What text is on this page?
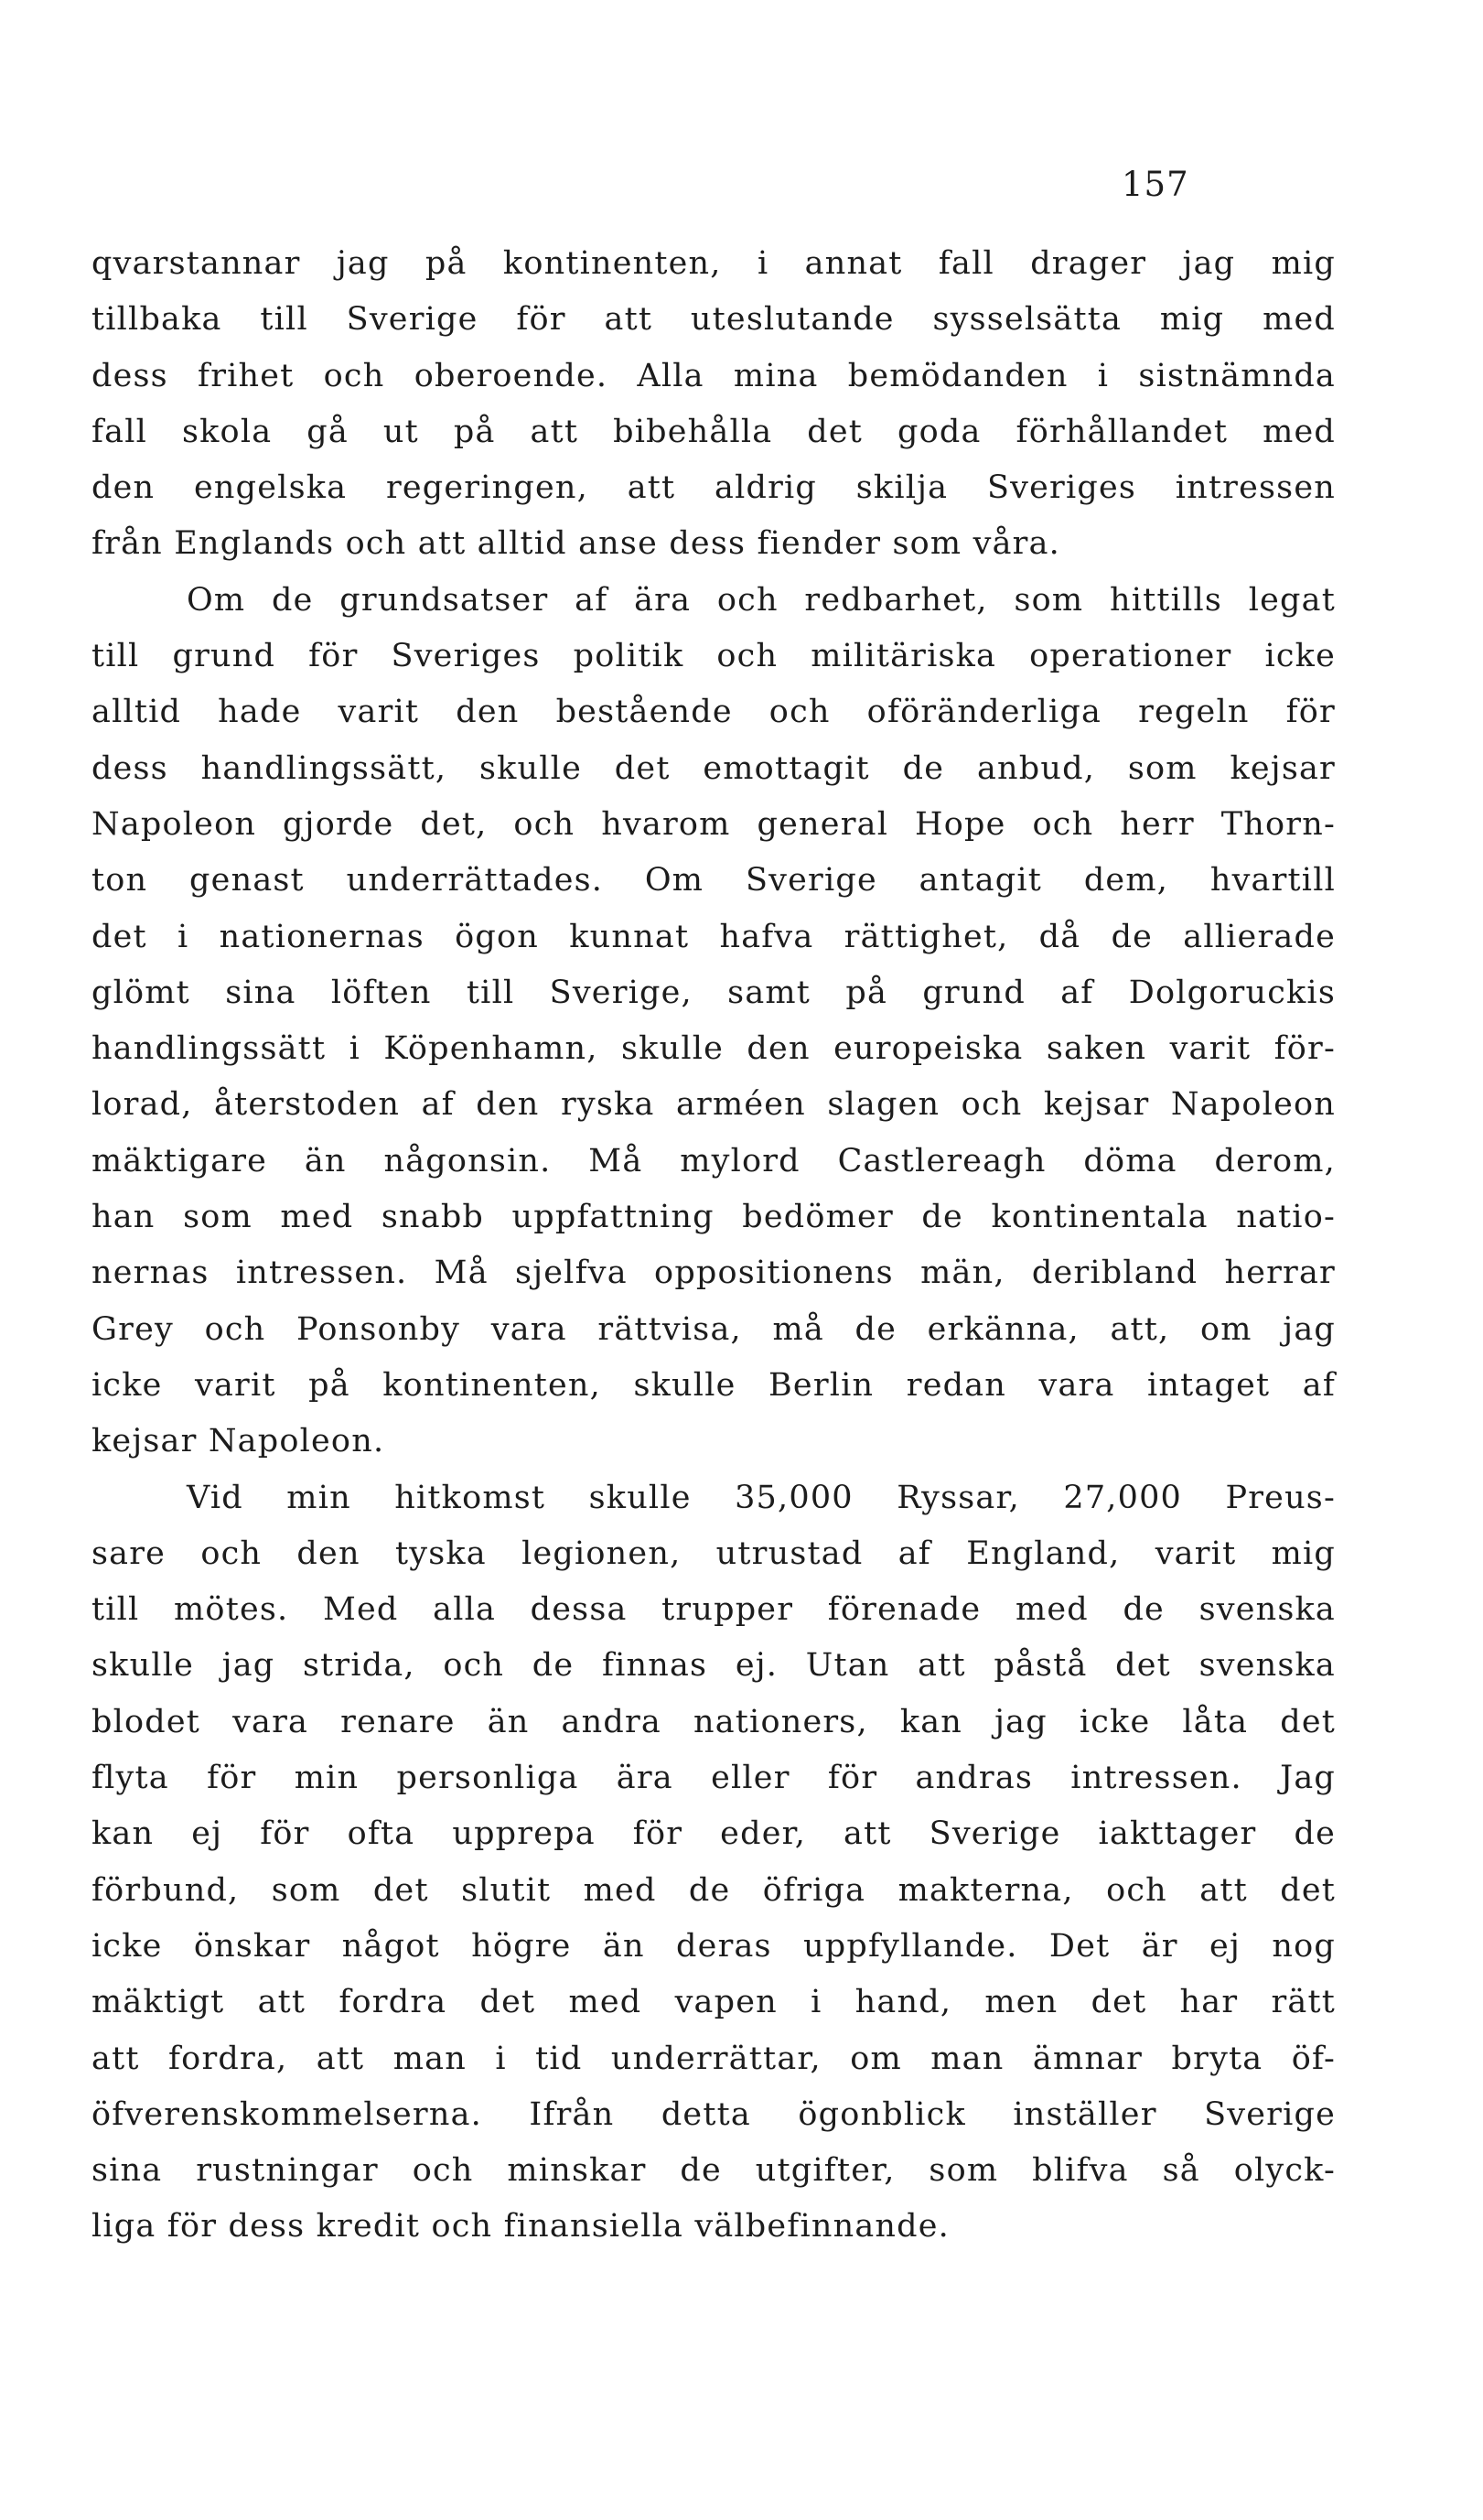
157
qvarstannar jag på kontinenten, i annat fall drager jag mig
tillbaka till Sverige för att uteslutande sysselsätta mig med
dess frihet och oberoende. Alla mina bemödanden i sistnämnda
fall skola gå ut på att bibehålla det goda förhållandet med
den engelska regeringen, att aldrig skilja Sveriges intressen
från Englands och att alltid anse dess fiender som våra.
Om de grundsatser af ära och redbarhet, som hittills legat
till grund för Sveriges politik och militäriska operationer icke
alltid hade varit den bestående och oföränderliga regeln för
dess handlingssätt, skulle det emottagit de anbud, som kejsar
Napoleon gjorde det, och hvarom general Hope och herr Thorn-
ton genast underrättades. Om Sverige antagit dem, hvartill
det i nationernas ögon kunnat hafva rättighet, då de allierade
glömt sina löften till Sverige, samt på grund af Dolgoruckis
handlingssätt i Köpenhamn, skulle den europeiska saken varit för-
lorad, återstoden af den ryska arméen slagen och kejsar Napoleon
mäktigare än någonsin. Må mylord Castlereagh döma derom,
han som med snabb uppfattning bedömer de kontinentala natio-
nernas intressen. Må sjelfva oppositionens män, deribland herrar
Grey och Ponsonby vara rättvisa, må de erkänna, att, om jag
icke varit på kontinenten, skulle Berlin redan vara intaget af
kejsar Napoleon.
Vid min hitkomst skulle 35,000 Ryssar, 27,000 Preus-
sare och den tyska legionen, utrustad af England, varit mig
till mötes. Med alla dessa trupper förenade med de svenska
skulle jag strida, och de finnas ej. Utan att påstå det svenska
blodet vara renare än andra nationers, kan jag icke låta det
flyta för min personliga ära eller för andras intressen. Jag
kan ej för ofta upprepa för eder, att Sverige iakttager de
förbund, som det slutit med de öfriga makterna, och att det
icke önskar något högre än deras uppfyllande. Det är ej nog
mäktigt att fordra det med vapen i hand, men det har rätt
att fordra, att man i tid underrättar, om man ämnar bryta öf-
öfverenskommelserna. Ifrån detta ögonblick inställer Sverige
sina rustningar och minskar de utgifter, som blifva så olyck-
liga för dess kredit och finansiella välbefinnande.
